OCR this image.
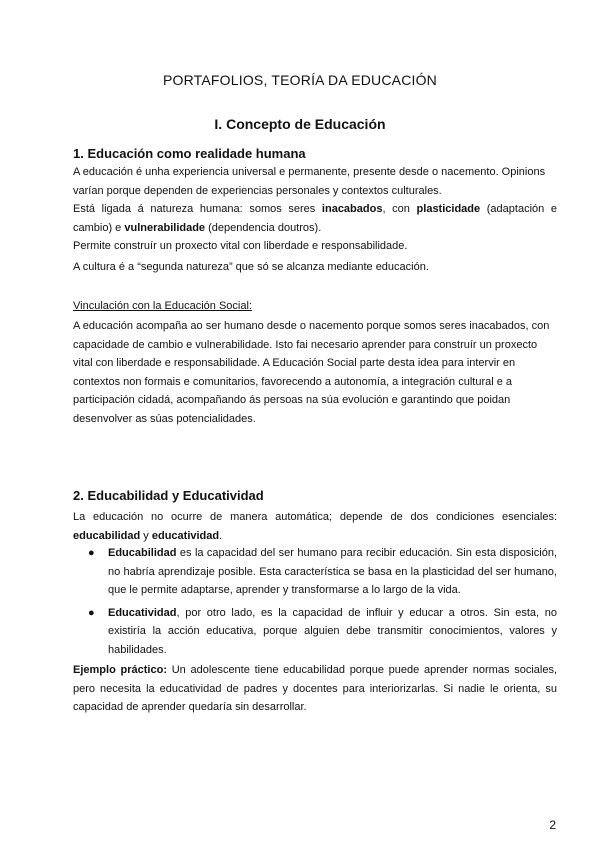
PORTAFOLIOS, TEORÍA DA EDUCACIÓN
I. Concepto de Educación
1. Educación como realidade humana
A educación é unha experiencia universal e permanente, presente desde o nacemento. Opinions varían porque dependen de experiencias personales y contextos culturales.
Está ligada á natureza humana: somos seres inacabados, con plasticidade (adaptación e cambio) e vulnerabilidade (dependencia doutros).
Permite construír un proxecto vital con liberdade e responsabilidade.
A cultura é a “segunda natureza” que só se alcanza mediante educación.
Vinculación con la Educación Social:
A educación acompaña ao ser humano desde o nacemento porque somos seres inacabados, con capacidade de cambio e vulnerabilidade. Isto fai necesario aprender para construír un proxecto vital con liberdade e responsabilidade. A Educación Social parte desta idea para intervir en contextos non formais e comunitarios, favorecendo a autonomía, a integración cultural e a participación cidadá, acompañando ás persoas na súa evolución e garantindo que poidan desenvolver as súas potencialidades.
2. Educabilidad y Educatividad
La educación no ocurre de manera automática; depende de dos condiciones esenciales: educabilidad y educatividad.
● Educabilidad es la capacidad del ser humano para recibir educación. Sin esta disposición, no habría aprendizaje posible. Esta característica se basa en la plasticidad del ser humano, que le permite adaptarse, aprender y transformarse a lo largo de la vida.
● Educatividad, por otro lado, es la capacidad de influir y educar a otros. Sin esta, no existiría la acción educativa, porque alguien debe transmitir conocimientos, valores y habilidades.
Ejemplo práctico: Un adolescente tiene educabilidad porque puede aprender normas sociales, pero necesita la educatividad de padres y docentes para interiorizarlas. Si nadie le orienta, su capacidad de aprender quedaría sin desarrollar.
2
